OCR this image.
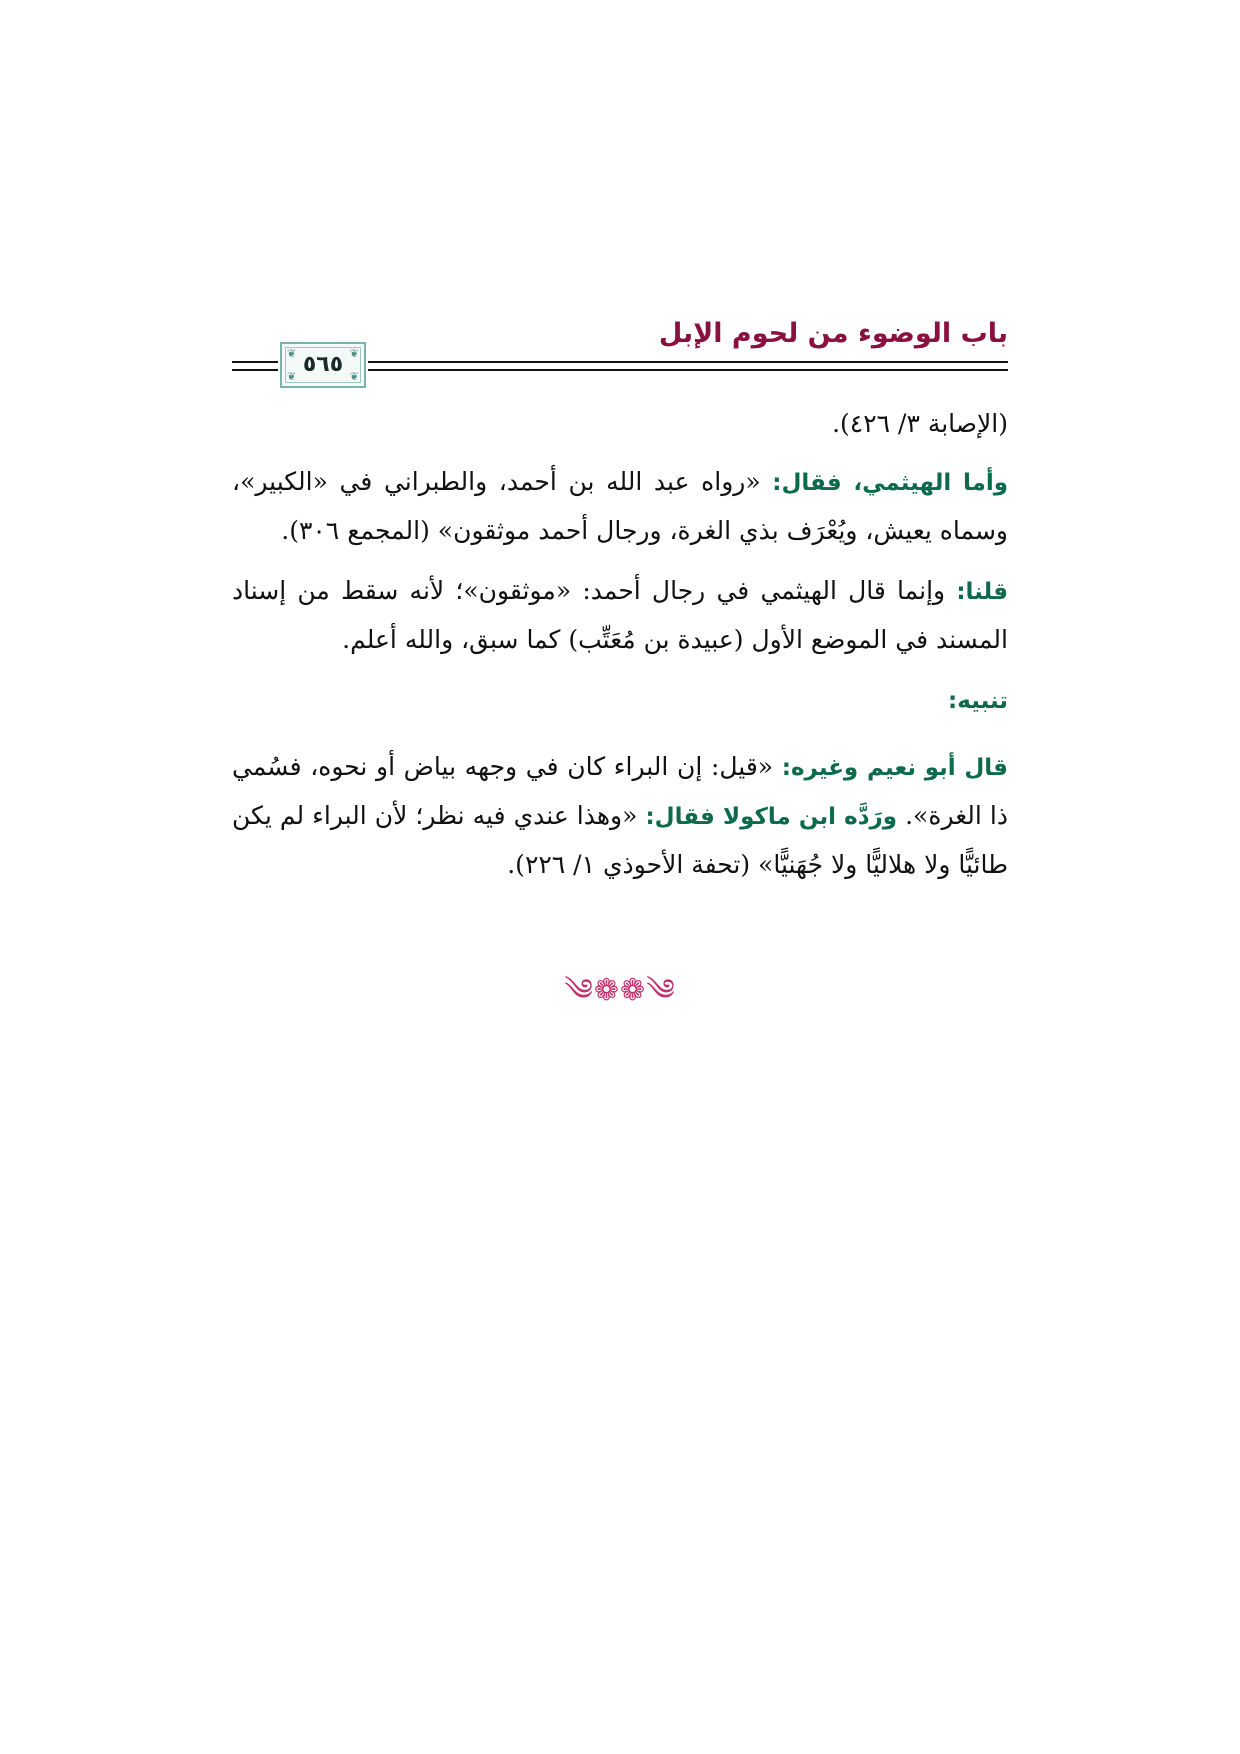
باب الوضوء من لحوم الإبل
❦	❦
❦	❦
٥٦٥

(الإصابة ٣/ ٤٢٦).

وأما الهيثمي، فقال: «رواه عبد الله بن أحمد، والطبراني في «الكبير»، وسماه يعيش، ويُعْرَف بذي الغرة، ورجال أحمد موثقون» (المجمع ٣٠٦).

قلنا: وإنما قال الهيثمي في رجال أحمد: «موثقون»؛ لأنه سقط من إسناد المسند في الموضع الأول (عبيدة بن مُعَتِّب) كما سبق، والله أعلم.

تنبيه:

قال أبو نعيم وغيره: «قيل: إن البراء كان في وجهه بياض أو نحوه، فسُمي ذا الغرة». ورَدَّه ابن ماكولا فقال: «وهذا عندي فيه نظر؛ لأن البراء لم يكن طائيًّا ولا هلاليًّا ولا جُهَنيًّا» (تحفة الأحوذي ١/ ٢٢٦).

༄❁❁༄
